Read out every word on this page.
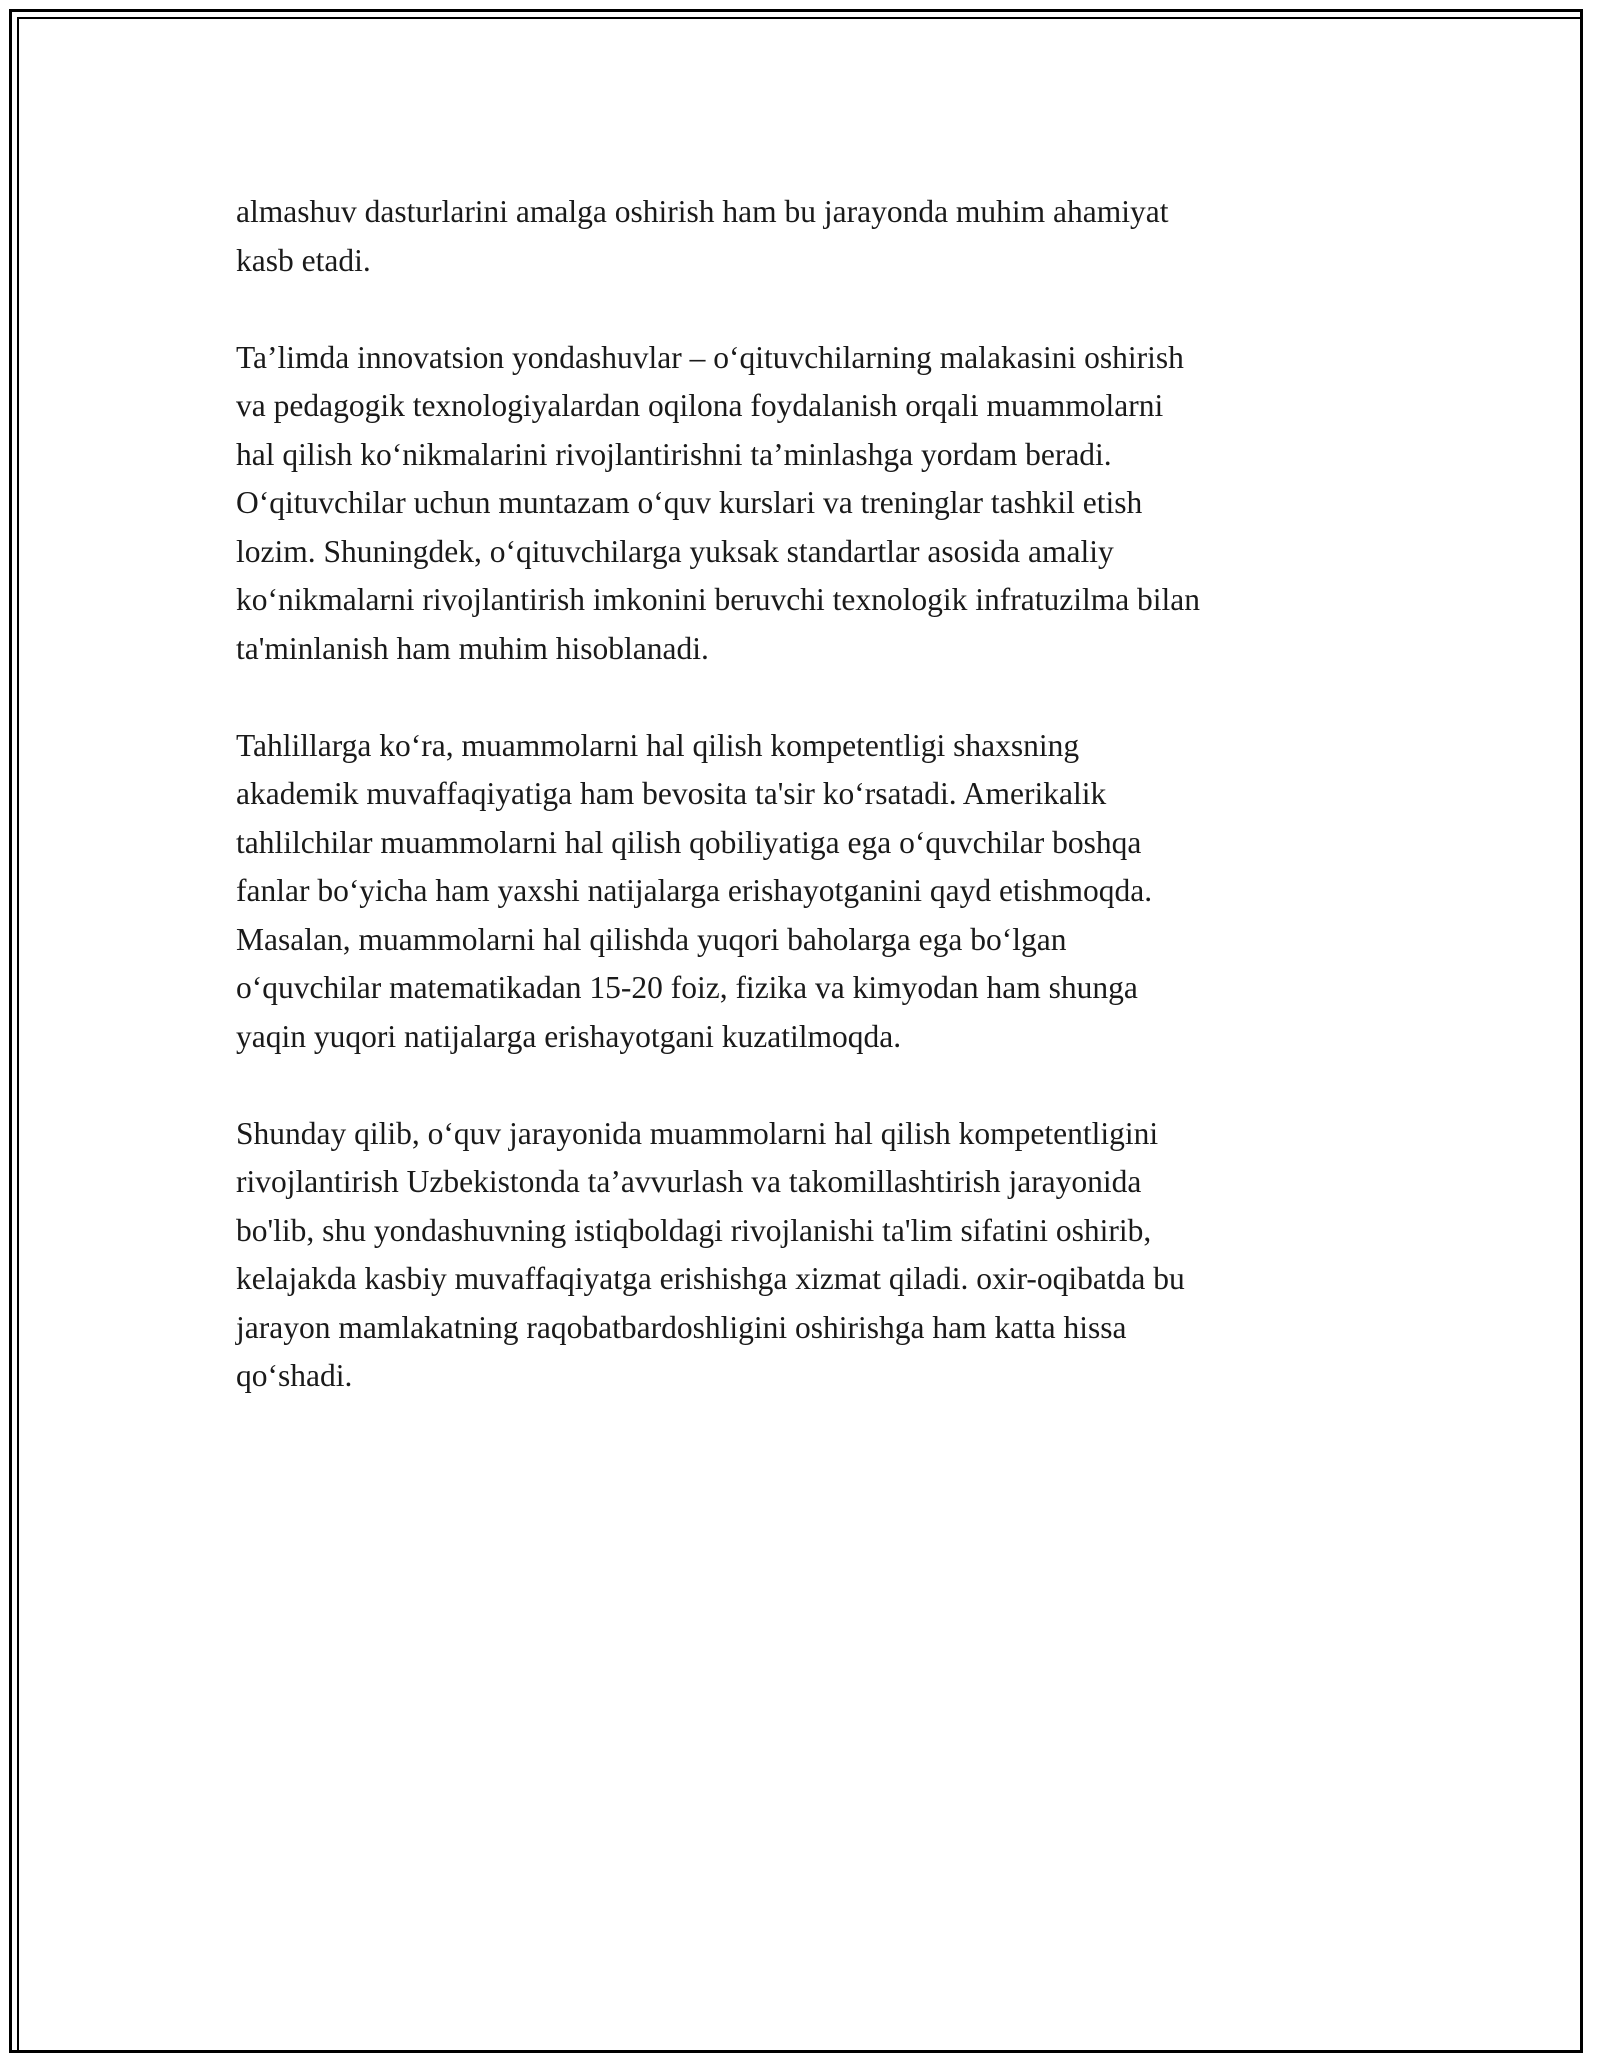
almashuv dasturlarini amalga oshirish ham bu jarayonda muhim ahamiyat
kasb etadi.

Ta’limda innovatsion yondashuvlar – o‘qituvchilarning malakasini oshirish
va pedagogik texnologiyalardan oqilona foydalanish orqali muammolarni
hal qilish ko‘nikmalarini rivojlantirishni ta’minlashga yordam beradi.
O‘qituvchilar uchun muntazam o‘quv kurslari va treninglar tashkil etish
lozim. Shuningdek, o‘qituvchilarga yuksak standartlar asosida amaliy
ko‘nikmalarni rivojlantirish imkonini beruvchi texnologik infratuzilma bilan
ta'minlanish ham muhim hisoblanadi.

Tahlillarga ko‘ra, muammolarni hal qilish kompetentligi shaxsning
akademik muvaffaqiyatiga ham bevosita ta'sir ko‘rsatadi. Amerikalik
tahlilchilar muammolarni hal qilish qobiliyatiga ega o‘quvchilar boshqa
fanlar bo‘yicha ham yaxshi natijalarga erishayotganini qayd etishmoqda.
Masalan, muammolarni hal qilishda yuqori baholarga ega bo‘lgan
o‘quvchilar matematikadan 15-20 foiz, fizika va kimyodan ham shunga
yaqin yuqori natijalarga erishayotgani kuzatilmoqda.

Shunday qilib, o‘quv jarayonida muammolarni hal qilish kompetentligini
rivojlantirish Uzbekistonda ta’avvurlash va takomillashtirish jarayonida
bo'lib, shu yondashuvning istiqboldagi rivojlanishi ta'lim sifatini oshirib,
kelajakda kasbiy muvaffaqiyatga erishishga xizmat qiladi. oxir-oqibatda bu
jarayon mamlakatning raqobatbardoshligini oshirishga ham katta hissa
qo‘shadi.
